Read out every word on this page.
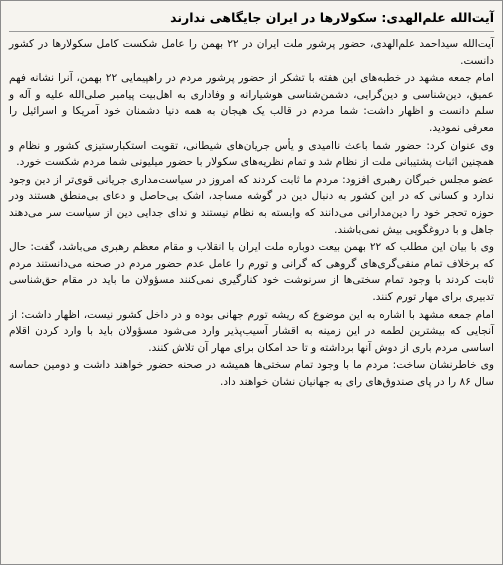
آیت‌الله علم‌الهدی: سکولارها در ایران جایگاهی ندارند

آیت‌الله سیداحمد علم‌الهدی، حضور پرشور ملت ایران در ۲۲ بهمن را عامل شکست کامل سکولارها در کشور دانست.

امام جمعه مشهد در خطبه‌های این هفته با تشکر از حضور پرشور مردم در راهپیمایی ۲۲ بهمن، آنرا نشانه فهم عمیق، دین‌شناسی و دین‌گرایی، دشمن‌شناسی هوشیارانه و وفاداری به اهل‌بیت پیامبر صلی‌الله علیه و آله و سلم دانست و اظهار داشت: شما مردم در قالب یک هیجان به همه دنیا دشمنان خود آمریکا و اسرائیل را معرفی نمودید.

وی عنوان کرد: حضور شما باعث ناامیدی و یأس جریان‌های شیطانی، تقویت استکبارستیزی کشور و نظام و همچنین اثبات پشتیبانی ملت از نظام شد و تمام نظریه‌های سکولار با حضور میلیونی شما مردم شکست خورد.

عضو مجلس خبرگان رهبری افزود: مردم ما ثابت کردند که امروز در سیاست‌مداری جریانی قوی‌تر از دین وجود ندارد و کسانی که در این کشور به دنبال دین در گوشه مساجد، اشک بی‌حاصل و دعای بی‌منطق هستند ودر حوزه تحجر خود را دین‌مدارانی می‌دانند که وابسته به نظام نیستند و ندای جدایی دین از سیاست سر می‌دهند جاهل و با دروغگویی بیش نمی‌باشند.

وی با بیان این مطلب که ۲۲ بهمن بیعت دوباره ملت ایران با انقلاب و مقام معظم رهبری می‌باشد، گفت: حال که برخلاف تمام منفی‌گری‌های گروهی که گرانی و تورم را عامل عدم حضور مردم در صحنه می‌دانستند مردم ثابت کردند با وجود تمام سختی‌ها از سرنوشت خود کنارگیری نمی‌کنند مسؤولان ما باید در مقام حق‌شناسی تدبیری برای مهار تورم کنند.

امام جمعه مشهد با اشاره به این موضوع که ریشه تورم جهانی بوده و در داخل کشور نیست، اظهار داشت: از آنجایی که بیشترین لطمه در این زمینه به اقشار آسیب‌پذیر وارد می‌شود مسؤولان باید با وارد کردن اقلام اساسی مردم باری از دوش آنها برداشته و تا حد امکان برای مهار آن تلاش کنند.

وی خاطرنشان ساخت: مردم ما با وجود تمام سختی‌ها همیشه در صحنه حضور خواهند داشت و دومین حماسه سال ۸۶ را در پای صندوق‌های رای به جهانیان نشان خواهند داد.
